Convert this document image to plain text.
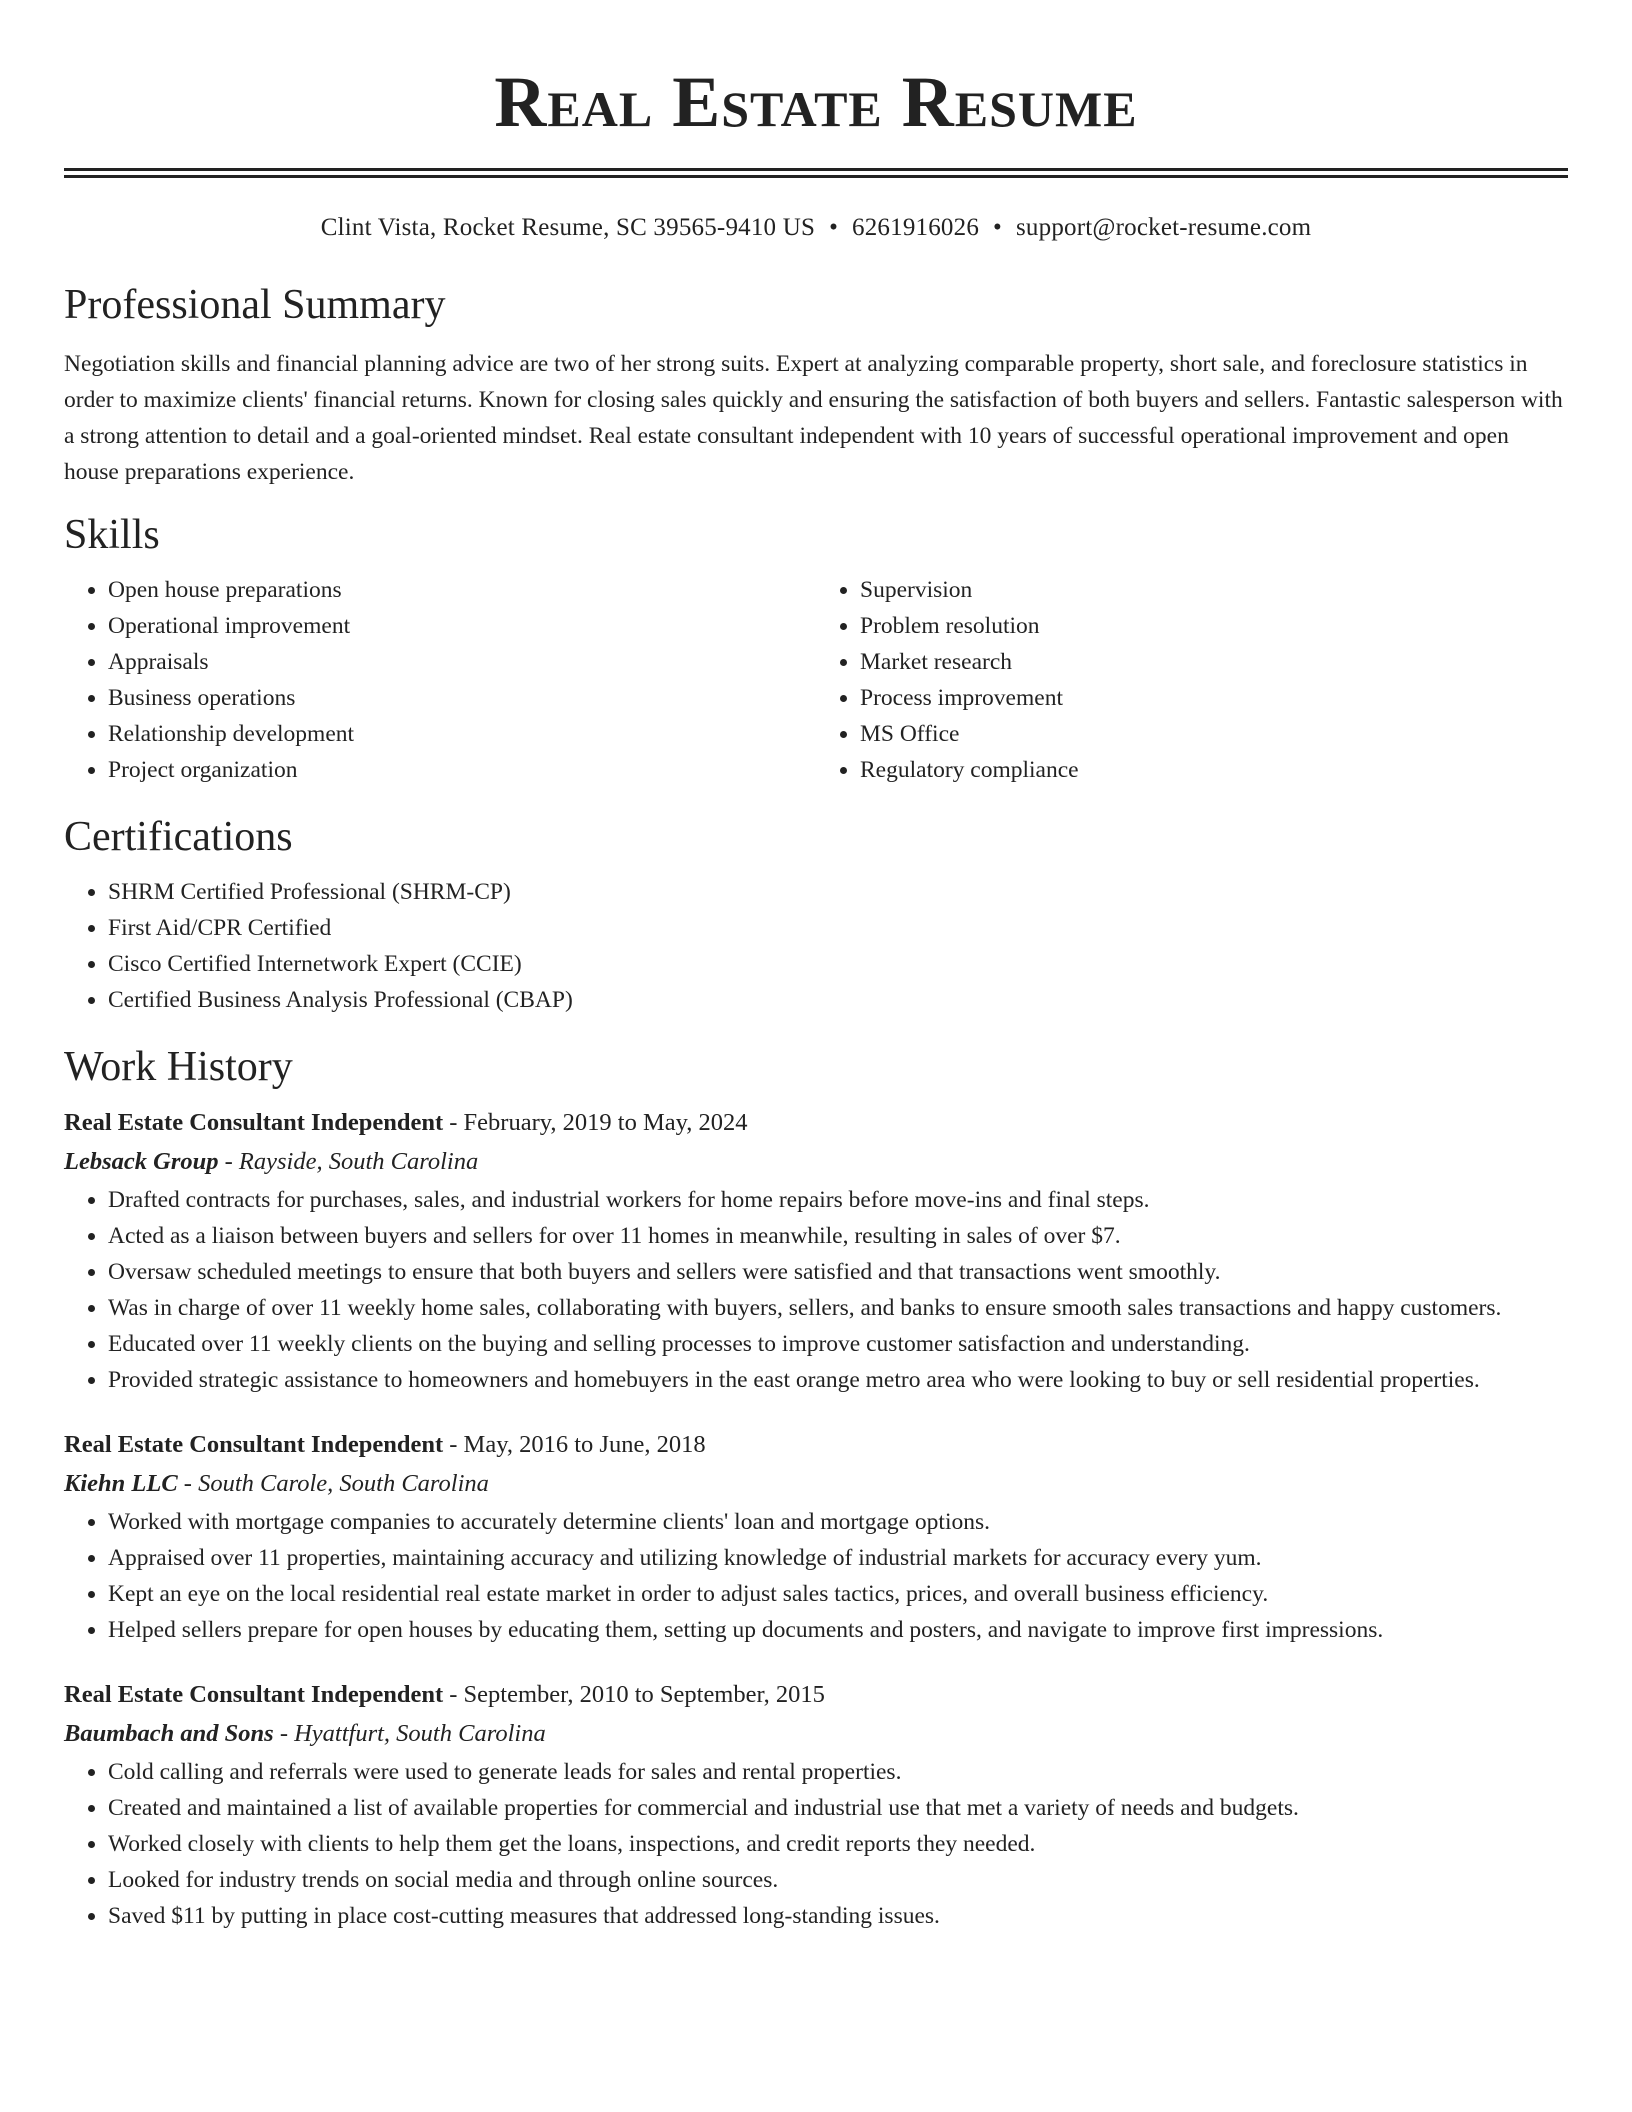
Real Estate Resume
Clint Vista, Rocket Resume, SC 39565-9410 US • 6261916026 • support@rocket-resume.com
Professional Summary

Negotiation skills and financial planning advice are two of her strong suits. Expert at analyzing comparable property, short sale, and foreclosure statistics in order to maximize clients' financial returns. Known for closing sales quickly and ensuring the satisfaction of both buyers and sellers. Fantastic salesperson with a strong attention to detail and a goal-oriented mindset. Real estate consultant independent with 10 years of successful operational improvement and open house preparations experience.

Skills
• Open house preparations
• Operational improvement
• Appraisals
• Business operations
• Relationship development
• Project organization
• Supervision
• Problem resolution
• Market research
• Process improvement
• MS Office
• Regulatory compliance
Certifications
• SHRM Certified Professional (SHRM-CP)
• First Aid/CPR Certified
• Cisco Certified Internetwork Expert (CCIE)
• Certified Business Analysis Professional (CBAP)
Work History
Real Estate Consultant Independent - February, 2019 to May, 2024
Lebsack Group - Rayside, South Carolina
• Drafted contracts for purchases, sales, and industrial workers for home repairs before move-ins and final steps.
• Acted as a liaison between buyers and sellers for over 11 homes in meanwhile, resulting in sales of over $7.
• Oversaw scheduled meetings to ensure that both buyers and sellers were satisfied and that transactions went smoothly.
• Was in charge of over 11 weekly home sales, collaborating with buyers, sellers, and banks to ensure smooth sales transactions and happy customers.
• Educated over 11 weekly clients on the buying and selling processes to improve customer satisfaction and understanding.
• Provided strategic assistance to homeowners and homebuyers in the east orange metro area who were looking to buy or sell residential properties.
Real Estate Consultant Independent - May, 2016 to June, 2018
Kiehn LLC - South Carole, South Carolina
• Worked with mortgage companies to accurately determine clients' loan and mortgage options.
• Appraised over 11 properties, maintaining accuracy and utilizing knowledge of industrial markets for accuracy every yum.
• Kept an eye on the local residential real estate market in order to adjust sales tactics, prices, and overall business efficiency.
• Helped sellers prepare for open houses by educating them, setting up documents and posters, and navigate to improve first impressions.
Real Estate Consultant Independent - September, 2010 to September, 2015
Baumbach and Sons - Hyattfurt, South Carolina
• Cold calling and referrals were used to generate leads for sales and rental properties.
• Created and maintained a list of available properties for commercial and industrial use that met a variety of needs and budgets.
• Worked closely with clients to help them get the loans, inspections, and credit reports they needed.
• Looked for industry trends on social media and through online sources.
• Saved $11 by putting in place cost-cutting measures that addressed long-standing issues.
